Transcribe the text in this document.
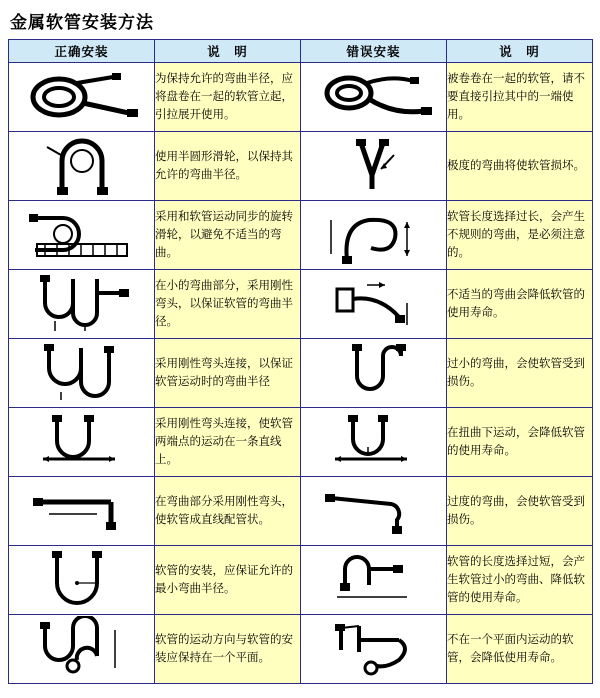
金属软管安装方法
正确安装	说　明	错误安装	说　明

	为保持允许的弯曲半径，应将盘卷在一起的软管立起，引拉展开使用。		被卷卷在一起的软管，请不要直接引拉其中的一端使用。

	使用半圆形滑轮，以保持其允许的弯曲半径。		极度的弯曲将使软管损坏。

	采用和软管运动同步的旋转滑轮，以避免不适当的弯曲。		软管长度选择过长，会产生不规则的弯曲，是必须注意的。

	在小的弯曲部分，采用刚性弯头，以保证软管的弯曲半径。		不适当的弯曲会降低软管的使用寿命。

	采用刚性弯头连接，以保证软管运动时的弯曲半径		过小的弯曲，会使软管受到损伤。

	采用刚性弯头连接，使软管两端点的运动在一条直线上。		在扭曲下运动，会降低软管的使用寿命。

	在弯曲部分采用刚性弯头，使软管成直线配管状。		过度的弯曲，会使软管受到损伤。

	软管的安装，应保证允许的最小弯曲半径。		软管的长度选择过短，会产生软管过小的弯曲、降低软管的使用寿命。

	软管的运动方向与软管的安装应保持在一个平面。		不在一个平面内运动的软管，会降低使用寿命。
